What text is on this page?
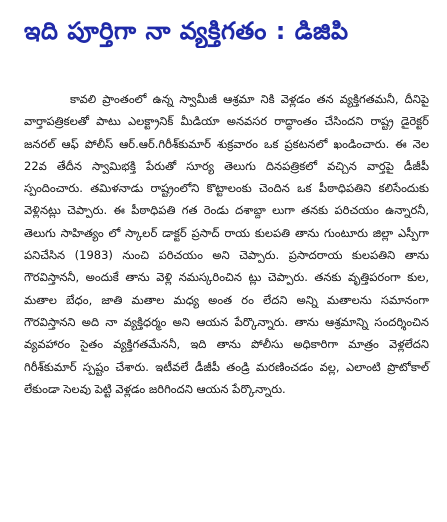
ఇది పూర్తిగా నా వ్యక్తిగతం : డిజిపి

కావలి ప్రాంతంలో ఉన్న స్వామీజీ ఆశ్రమా నికి వెళ్లడం తన వ్యక్తిగతమనీ, దీనిపై వార్తాపత్రికలతో పాటు ఎలక్ట్రానిక్ మీడియా అనవసర రాద్ధాంతం చేసిందని రాష్ట్ర డైరెక్టర్ జనరల్ ఆఫ్ పోలీస్ ఆర్.ఆర్.గిరీశ్‌కుమార్ శుక్రవారం ఒక ప్రకటనలో ఖండించారు. ఈ నెల 22వ తేదీన స్వామిభక్తి పేరుతో సూర్య తెలుగు దినపత్రికలో వచ్చిన వార్తపై డీజీపీ స్పందించారు. తమిళనాడు రాష్ట్రంలోని కొట్టాలంకు చెందిన ఒక పీఠాధిపతిని కలిసేందుకు వెళ్లినట్లు చెప్పారు. ఈ పీఠాధిపతి గత రెండు దశాబ్దా లుగా తనకు పరిచయం ఉన్నారనీ, తెలుగు సాహిత్యం లో స్కాలర్ డాక్టర్ ప్రసాద్ రాయ కులపతి తాను గుంటూరు జిల్లా ఎస్పీగా పనిచేసిన (1983) నుంచి పరిచయం అని చెప్పారు. ప్రసాదరాయ కులపతిని తాను గౌరవిస్తాననీ, అందుకే తాను వెళ్లి నమస్కరించిన ట్లు చెప్పారు. తనకు వృత్తిపరంగా కుల, మతాల బేధం, జాతి మతాల మధ్య అంత రం లేదని అన్ని మతాలను సమానంగా గౌరవిస్తానని అది నా వ్యక్తిధర్మం అని ఆయన పేర్కొన్నారు. తాను ఆశ్రమాన్ని సందర్శించిన వ్యవహారం సైతం వ్యక్తిగతమేననీ, ఇది తాను పోలీసు అధికారిగా మాత్రం వెళ్లలేదని గిరీశ్‌కుమార్ స్పష్టం చేశారు. ఇటీవలే డీజీపీ తండ్రి మరణించడం వల్ల, ఎలాంటి ప్రొటోకాల్ లేకుండా సెలవు పెట్టి వెళ్లడం జరిగిందని ఆయన పేర్కొన్నారు.
